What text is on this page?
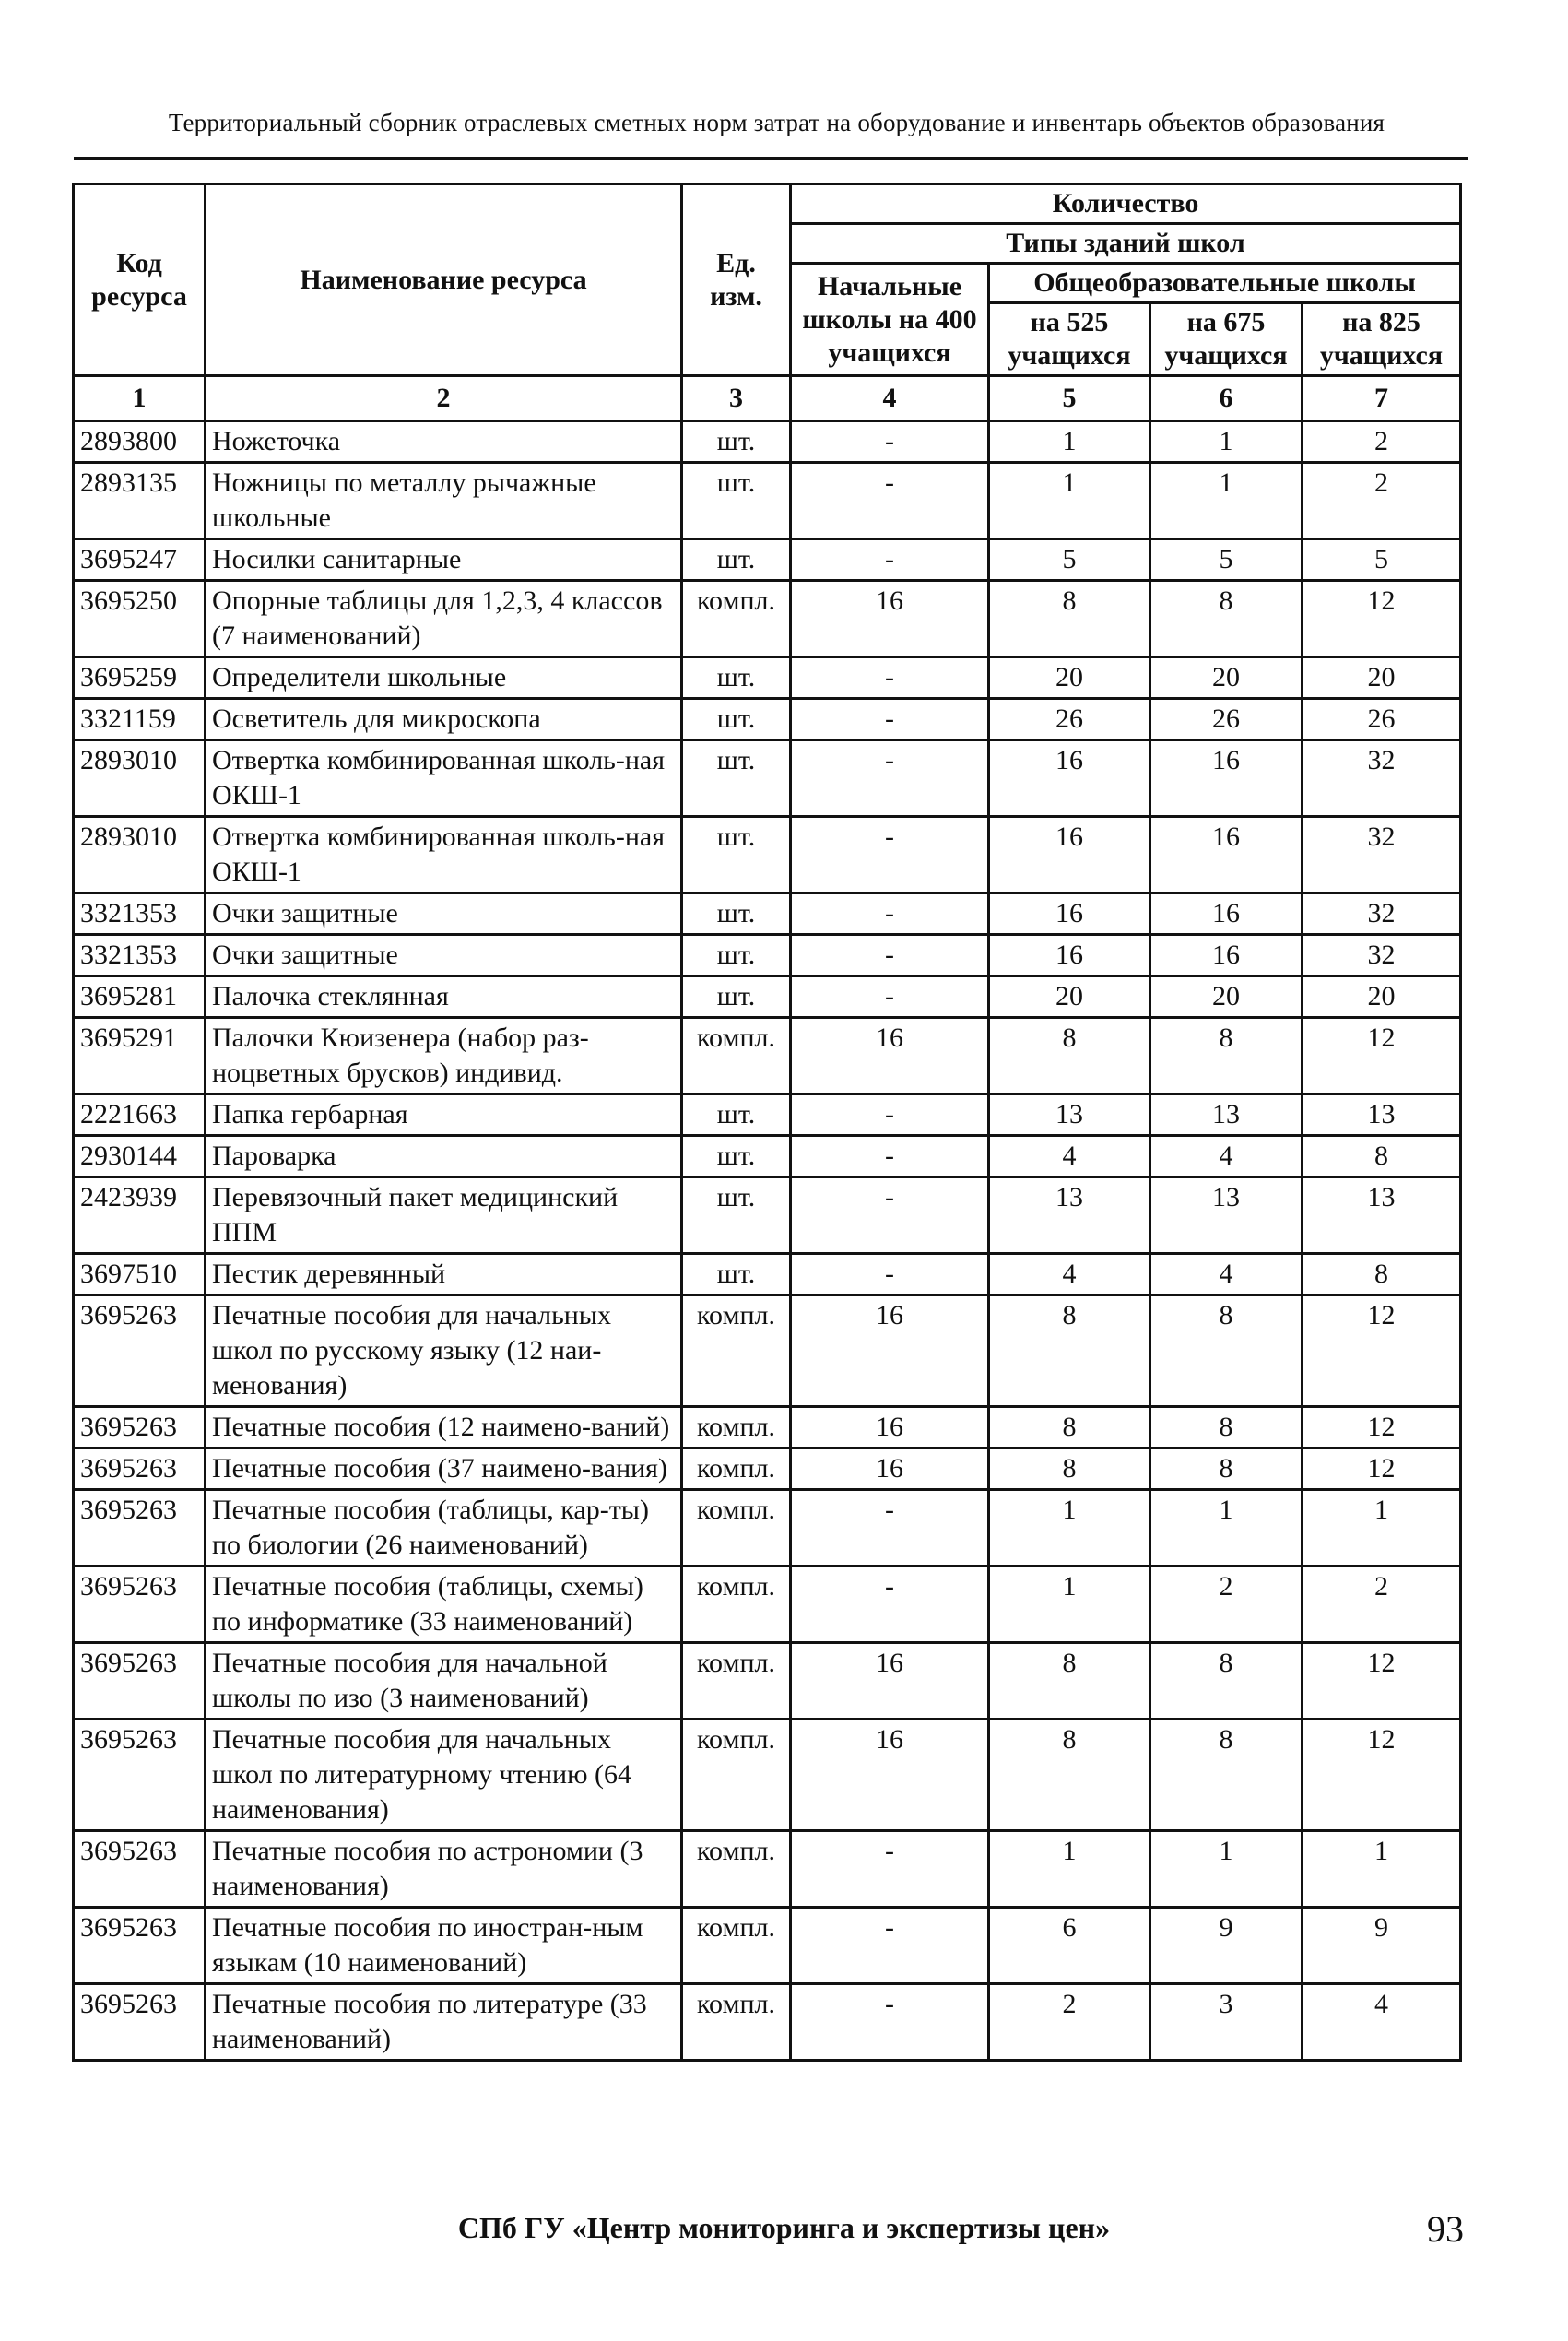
Территориальный сборник отраслевых сметных норм затрат на оборудование и инвентарь объектов образования
Код ресурса	Наименование ресурса	Ед. изм.	Количество			
			Типы зданий школ			
			Начальные школы на 400 учащихся	Общеобразовательные школы		
				на 525 учащихся	на 675 учащихся	на 825 учащихся
1	2	3	4	5	6	7
2893800	Ножеточка	шт.	-	1	1	2
2893135	Ножницы по металлу рычажные школьные	шт.	-	1	1	2
3695247	Носилки санитарные	шт.	-	5	5	5
3695250	Опорные таблицы для 1,2,3, 4 классов (7 наименований)	компл.	16	8	8	12
3695259	Определители школьные	шт.	-	20	20	20
3321159	Осветитель для микроскопа	шт.	-	26	26	26
2893010	Отвертка комбинированная школь-ная ОКШ-1	шт.	-	16	16	32
2893010	Отвертка комбинированная школь-ная ОКШ-1	шт.	-	16	16	32
3321353	Очки защитные	шт.	-	16	16	32
3321353	Очки защитные	шт.	-	16	16	32
3695281	Палочка стеклянная	шт.	-	20	20	20
3695291	Палочки Кюизенера (набор раз-ноцветных брусков) индивид.	компл.	16	8	8	12
2221663	Папка гербарная	шт.	-	13	13	13
2930144	Пароварка	шт.	-	4	4	8
2423939	Перевязочный пакет медицинский ППМ	шт.	-	13	13	13
3697510	Пестик деревянный	шт.	-	4	4	8
3695263	Печатные пособия для начальных школ по русскому языку (12 наи-менования)	компл.	16	8	8	12
3695263	Печатные пособия (12 наимено-ваний)	компл.	16	8	8	12
3695263	Печатные пособия (37 наимено-вания)	компл.	16	8	8	12
3695263	Печатные пособия (таблицы, кар-ты) по биологии (26 наименований)	компл.	-	1	1	1
3695263	Печатные пособия (таблицы, схемы) по информатике (33 наименований)	компл.	-	1	2	2
3695263	Печатные пособия для начальной школы по изо (3 наименований)	компл.	16	8	8	12
3695263	Печатные пособия для начальных школ по литературному чтению (64 наименования)	компл.	16	8	8	12
3695263	Печатные пособия по астрономии (3 наименования)	компл.	-	1	1	1
3695263	Печатные пособия по иностран-ным языкам (10 наименований)	компл.	-	6	9	9
3695263	Печатные пособия по литературе (33 наименований)	компл.	-	2	3	4
СПб ГУ «Центр мониторинга и экспертизы цен»	93
